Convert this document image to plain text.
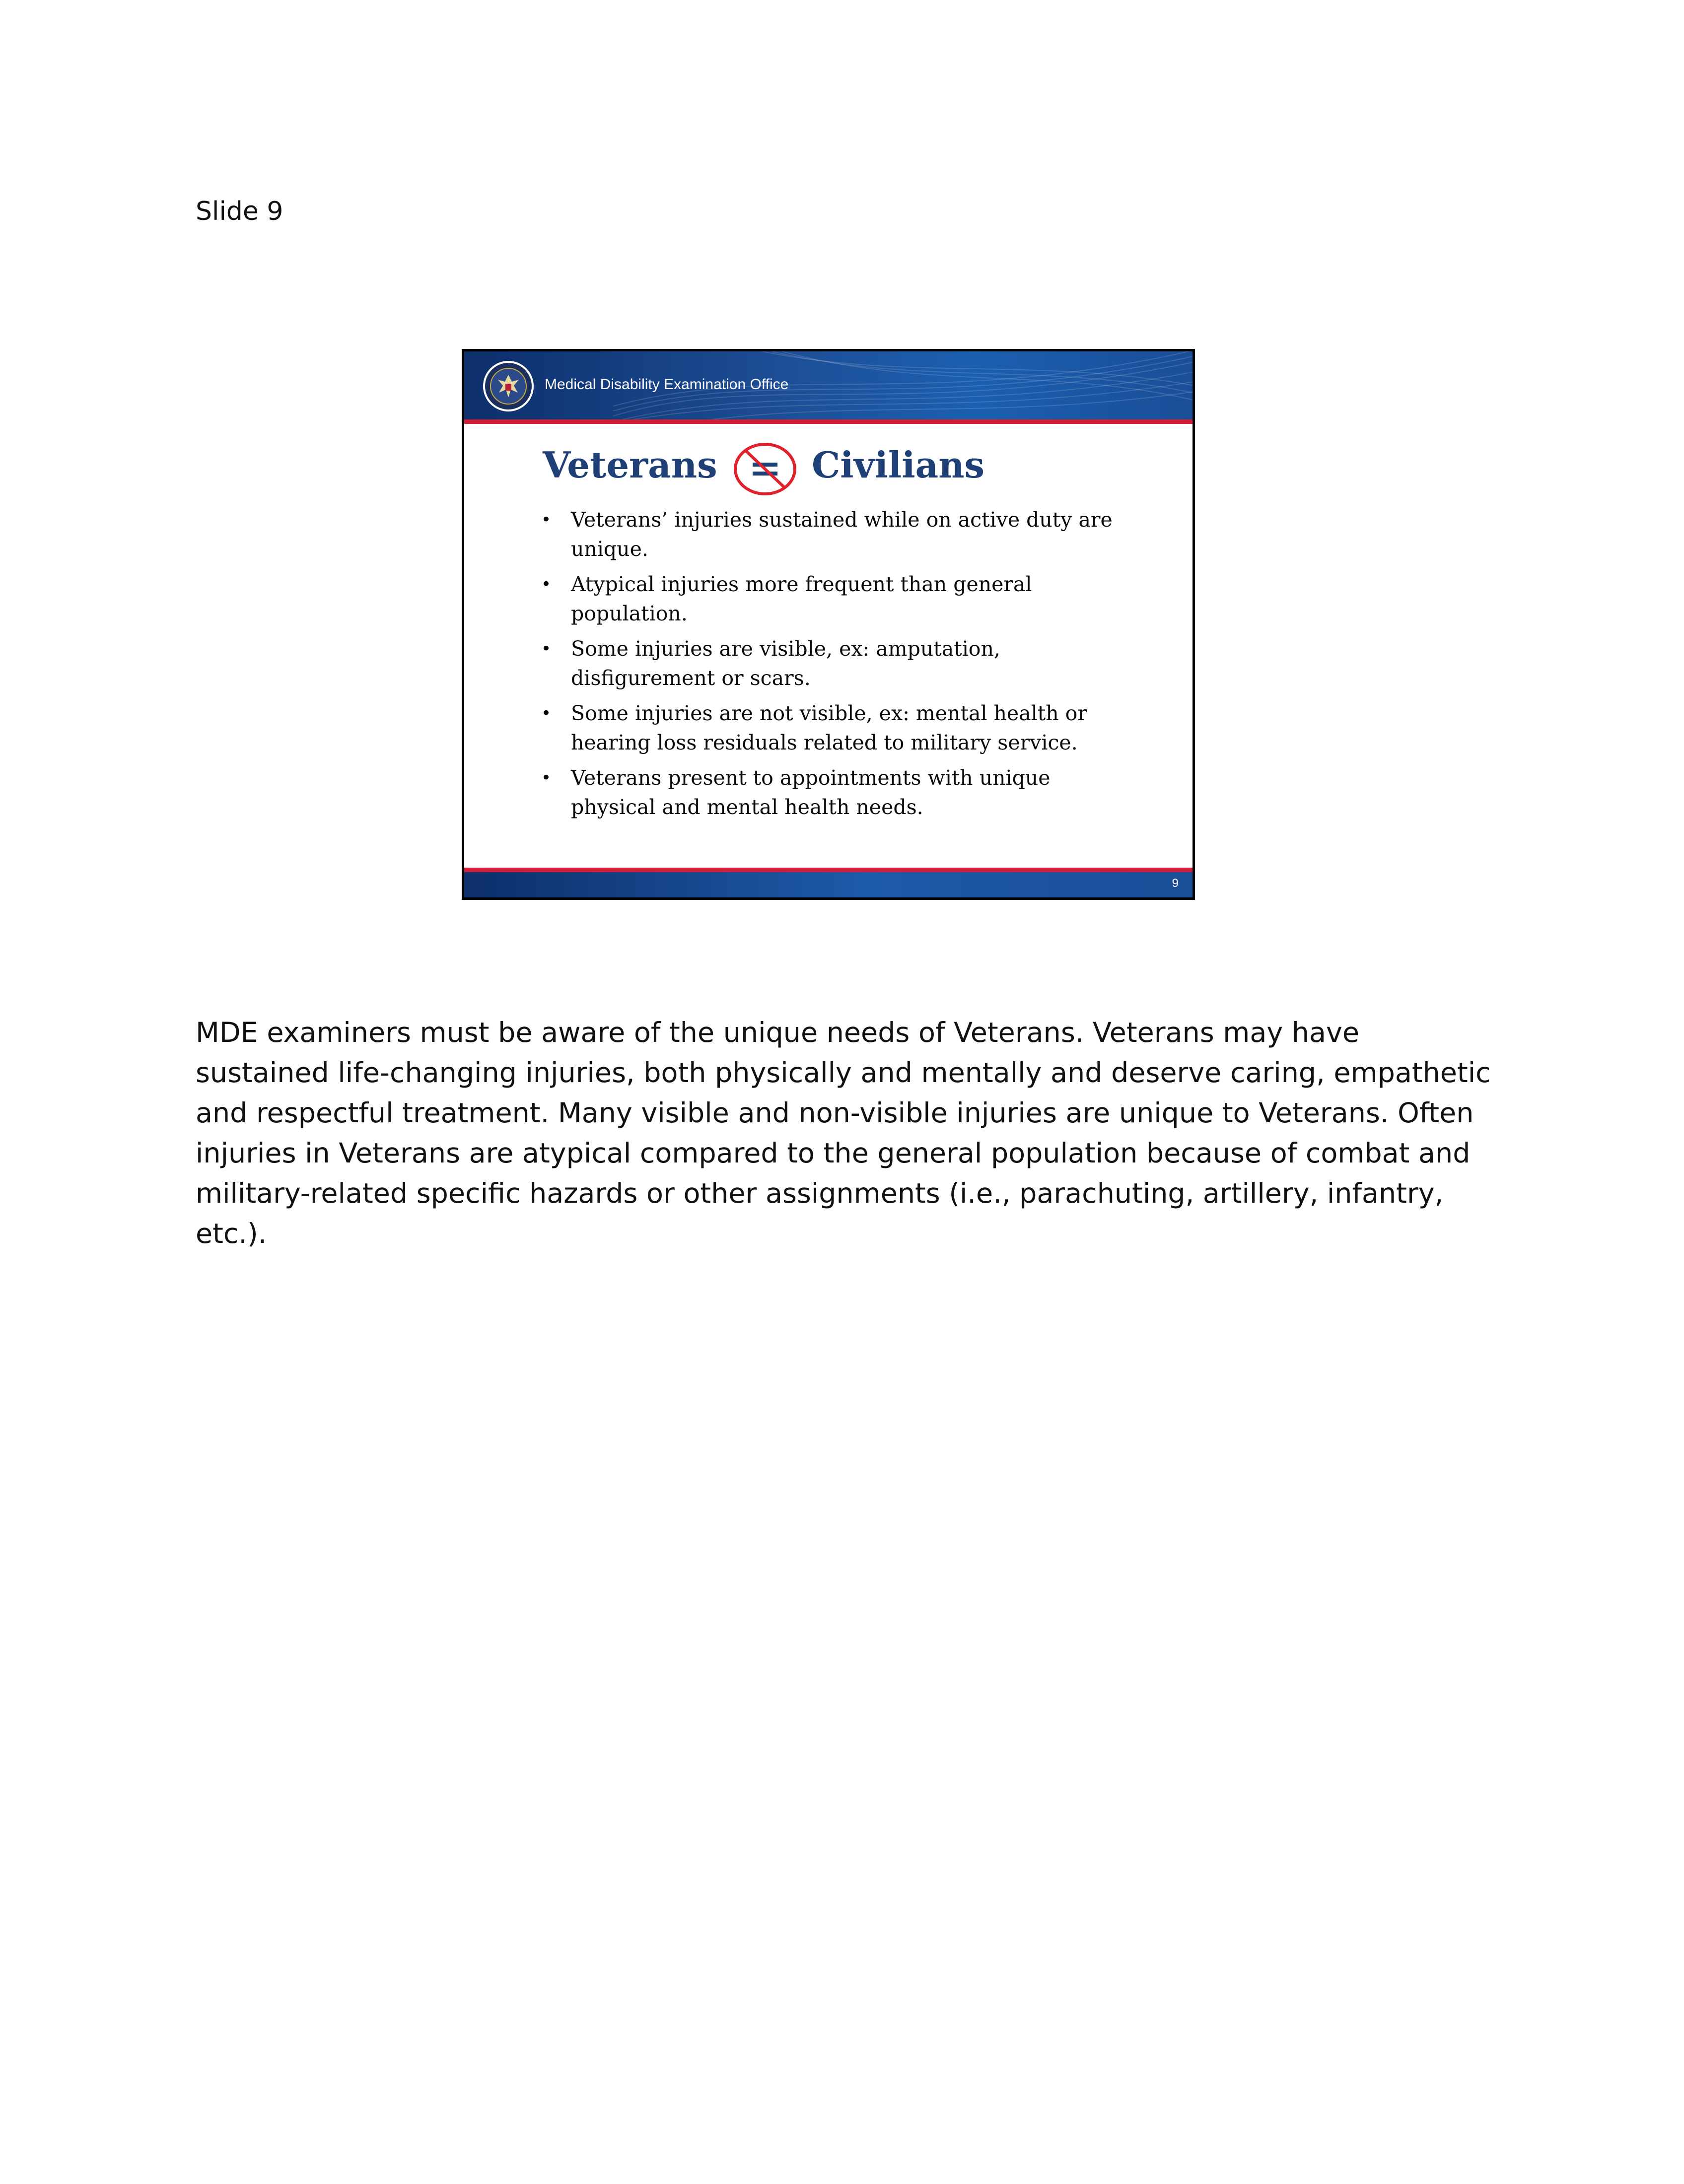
Slide 9
Medical Disability Examination Office
Veterans	Civilians
• Veterans’ injuries sustained while on active duty are unique.
• Atypical injuries more frequent than general population.
• Some injuries are visible, ex: amputation, disfigurement or scars.
• Some injuries are not visible, ex: mental health or hearing loss residuals related to military service.
• Veterans present to appointments with unique physical and mental health needs.
9

MDE examiners must be aware of the unique needs of Veterans. Veterans may have sustained life-changing injuries, both physically and mentally and deserve caring, empathetic and respectful treatment. Many visible and non-visible injuries are unique to Veterans. Often injuries in Veterans are atypical compared to the general population because of combat and military-related specific hazards or other assignments (i.e., parachuting, artillery, infantry, etc.).
